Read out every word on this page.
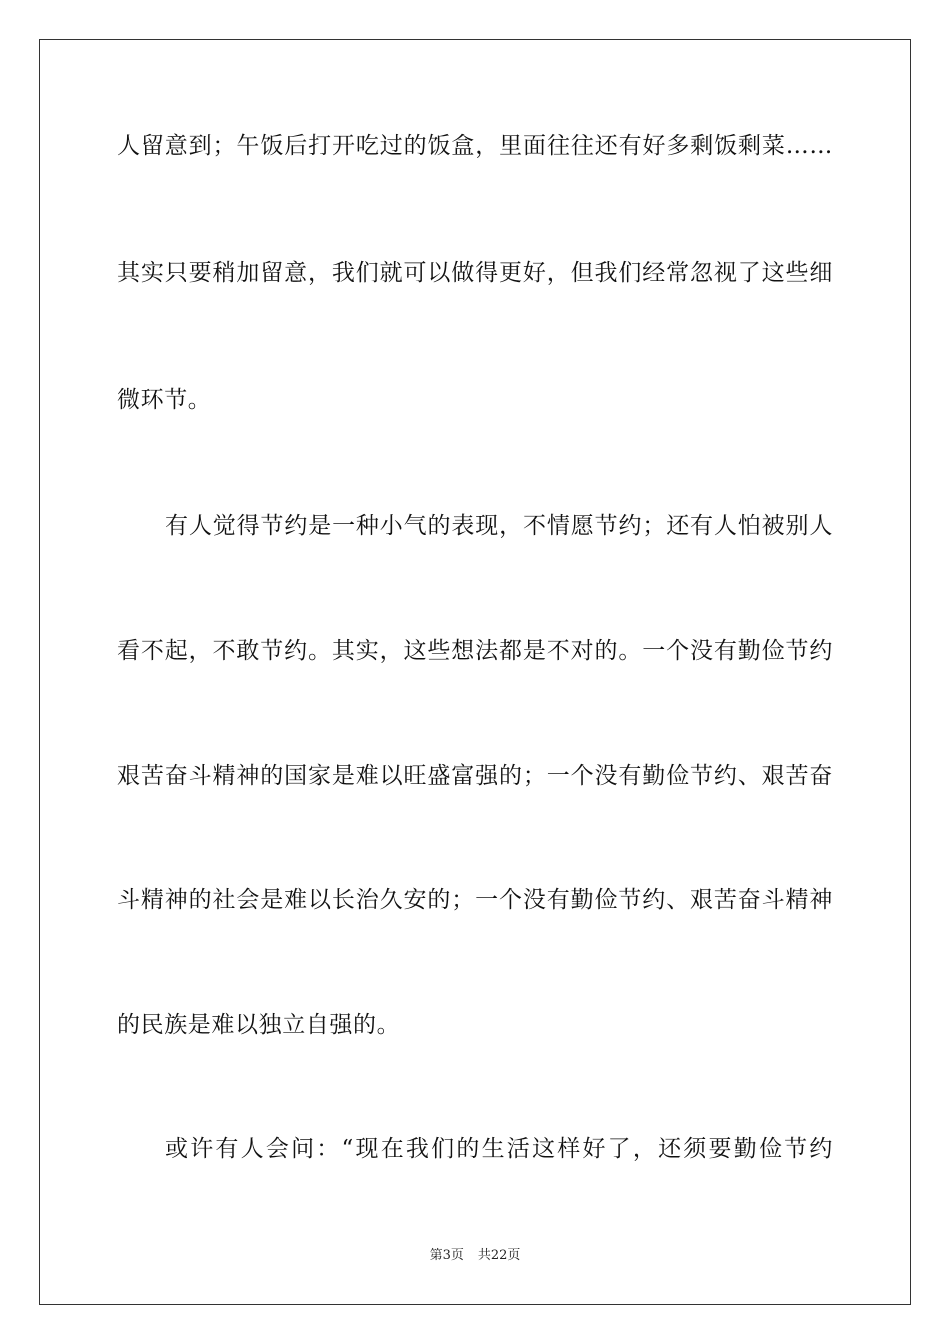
人留意到；午饭后打开吃过的饭盒，里面往往还有好多剩饭剩菜……
其实只要稍加留意，我们就可以做得更好，但我们经常忽视了这些细
微环节。
有人觉得节约是一种小气的表现，不情愿节约；还有人怕被别人
看不起，不敢节约。其实，这些想法都是不对的。一个没有勤俭节约
艰苦奋斗精神的国家是难以旺盛富强的；一个没有勤俭节约、艰苦奋
斗精神的社会是难以长治久安的；一个没有勤俭节约、艰苦奋斗精神
的民族是难以独立自强的。
或许有人会问：“现在我们的生活这样好了，还须要勤俭节约
第3页 共22页
